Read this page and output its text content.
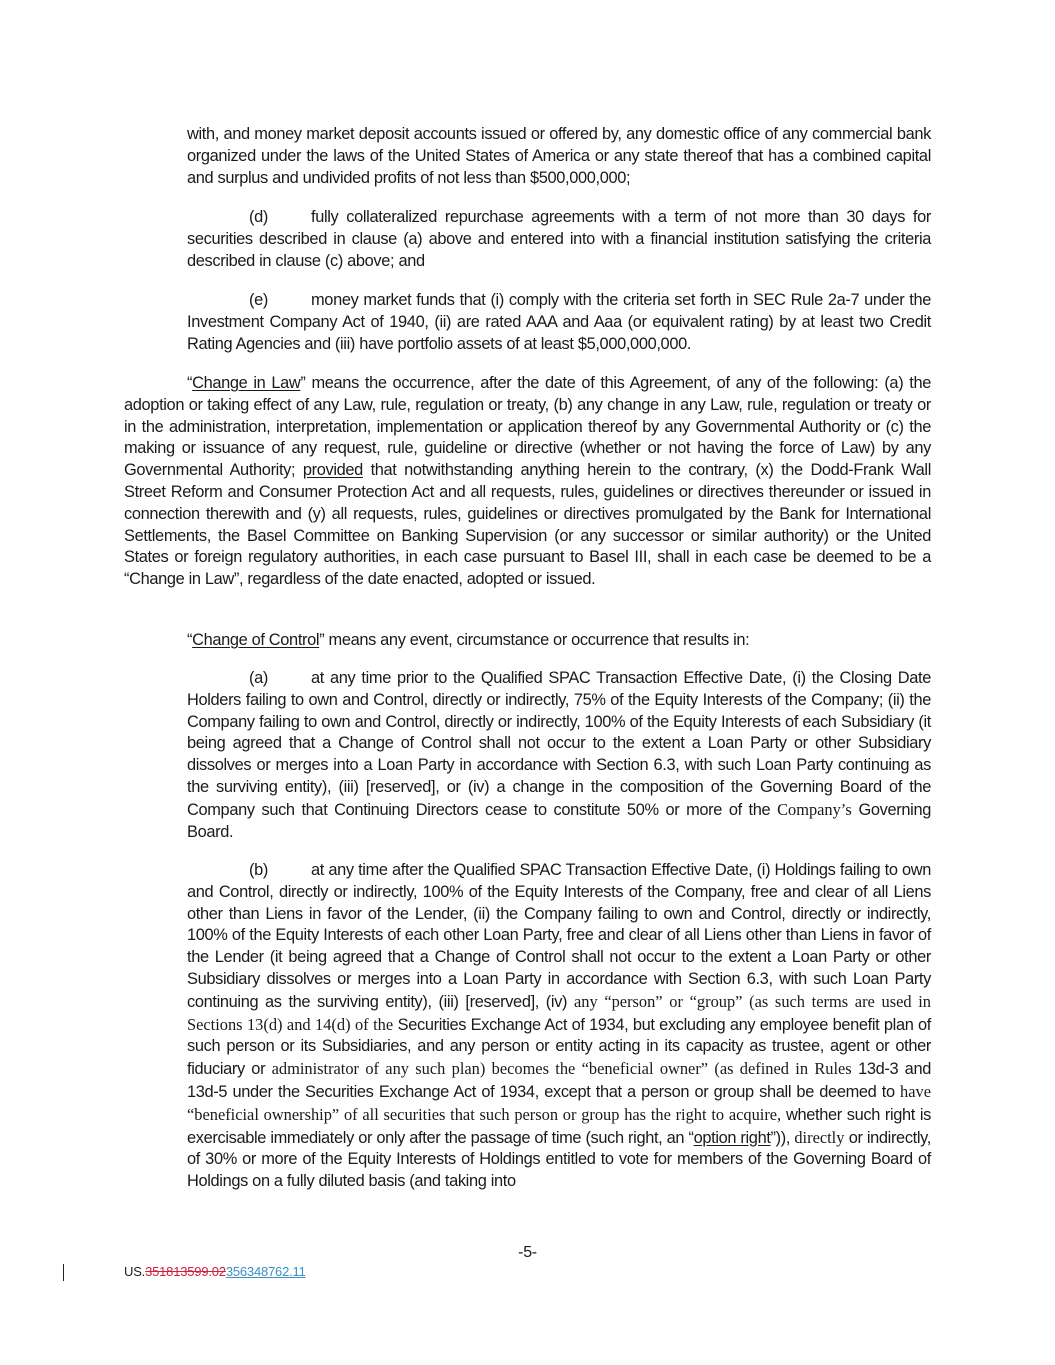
with, and money market deposit accounts issued or offered by, any domestic office of any commercial bank organized under the laws of the United States of America or any state thereof that has a combined capital and surplus and undivided profits of not less than $500,000,000;

(d)	fully collateralized repurchase agreements with a term of not more than 30 days for securities described in clause (a) above and entered into with a financial institution satisfying the criteria described in clause (c) above; and

(e)	money market funds that (i) comply with the criteria set forth in SEC Rule 2a-7 under the Investment Company Act of 1940, (ii) are rated AAA and Aaa (or equivalent rating) by at least two Credit Rating Agencies and (iii) have portfolio assets of at least $5,000,000,000.

“Change in Law” means the occurrence, after the date of this Agreement, of any of the following: (a) the adoption or taking effect of any Law, rule, regulation or treaty, (b) any change in any Law, rule, regulation or treaty or in the administration, interpretation, implementation or application thereof by any Governmental Authority or (c) the making or issuance of any request, rule, guideline or directive (whether or not having the force of Law) by any Governmental Authority; provided that notwithstanding anything herein to the contrary, (x) the Dodd-Frank Wall Street Reform and Consumer Protection Act and all requests, rules, guidelines or directives thereunder or issued in connection therewith and (y) all requests, rules, guidelines or directives promulgated by the Bank for International Settlements, the Basel Committee on Banking Supervision (or any successor or similar authority) or the United States or foreign regulatory authorities, in each case pursuant to Basel III, shall in each case be deemed to be a “Change in Law”, regardless of the date enacted, adopted or issued.

“Change of Control” means any event, circumstance or occurrence that results in:

(a)	at any time prior to the Qualified SPAC Transaction Effective Date, (i) the Closing Date Holders failing to own and Control, directly or indirectly, 75% of the Equity Interests of the Company; (ii) the Company failing to own and Control, directly or indirectly, 100% of the Equity Interests of each Subsidiary (it being agreed that a Change of Control shall not occur to the extent a Loan Party or other Subsidiary dissolves or merges into a Loan Party in accordance with Section 6.3, with such Loan Party continuing as the surviving entity), (iii) [reserved], or (iv) a change in the composition of the Governing Board of the Company such that Continuing Directors cease to constitute 50% or more of the Company’s Governing Board.

(b)	at any time after the Qualified SPAC Transaction Effective Date, (i) Holdings failing to own and Control, directly or indirectly, 100% of the Equity Interests of the Company, free and clear of all Liens other than Liens in favor of the Lender, (ii) the Company failing to own and Control, directly or indirectly, 100% of the Equity Interests of each other Loan Party, free and clear of all Liens other than Liens in favor of the Lender (it being agreed that a Change of Control shall not occur to the extent a Loan Party or other Subsidiary dissolves or merges into a Loan Party in accordance with Section 6.3, with such Loan Party continuing as the surviving entity), (iii) [reserved], (iv) any “person” or “group” (as such terms are used in Sections 13(d) and 14(d) of the Securities Exchange Act of 1934, but excluding any employee benefit plan of such person or its Subsidiaries, and any person or entity acting in its capacity as trustee, agent or other fiduciary or administrator of any such plan) becomes the “beneficial owner” (as defined in Rules 13d-3 and 13d-5 under the Securities Exchange Act of 1934, except that a person or group shall be deemed to have “beneficial ownership” of all securities that such person or group has the right to acquire, whether such right is exercisable immediately or only after the passage of time (such right, an “option right”)), directly or indirectly, of 30% or more of the Equity Interests of Holdings entitled to vote for members of the Governing Board of Holdings on a fully diluted basis (and taking into

-5-
US.351813599.02356348762.11
